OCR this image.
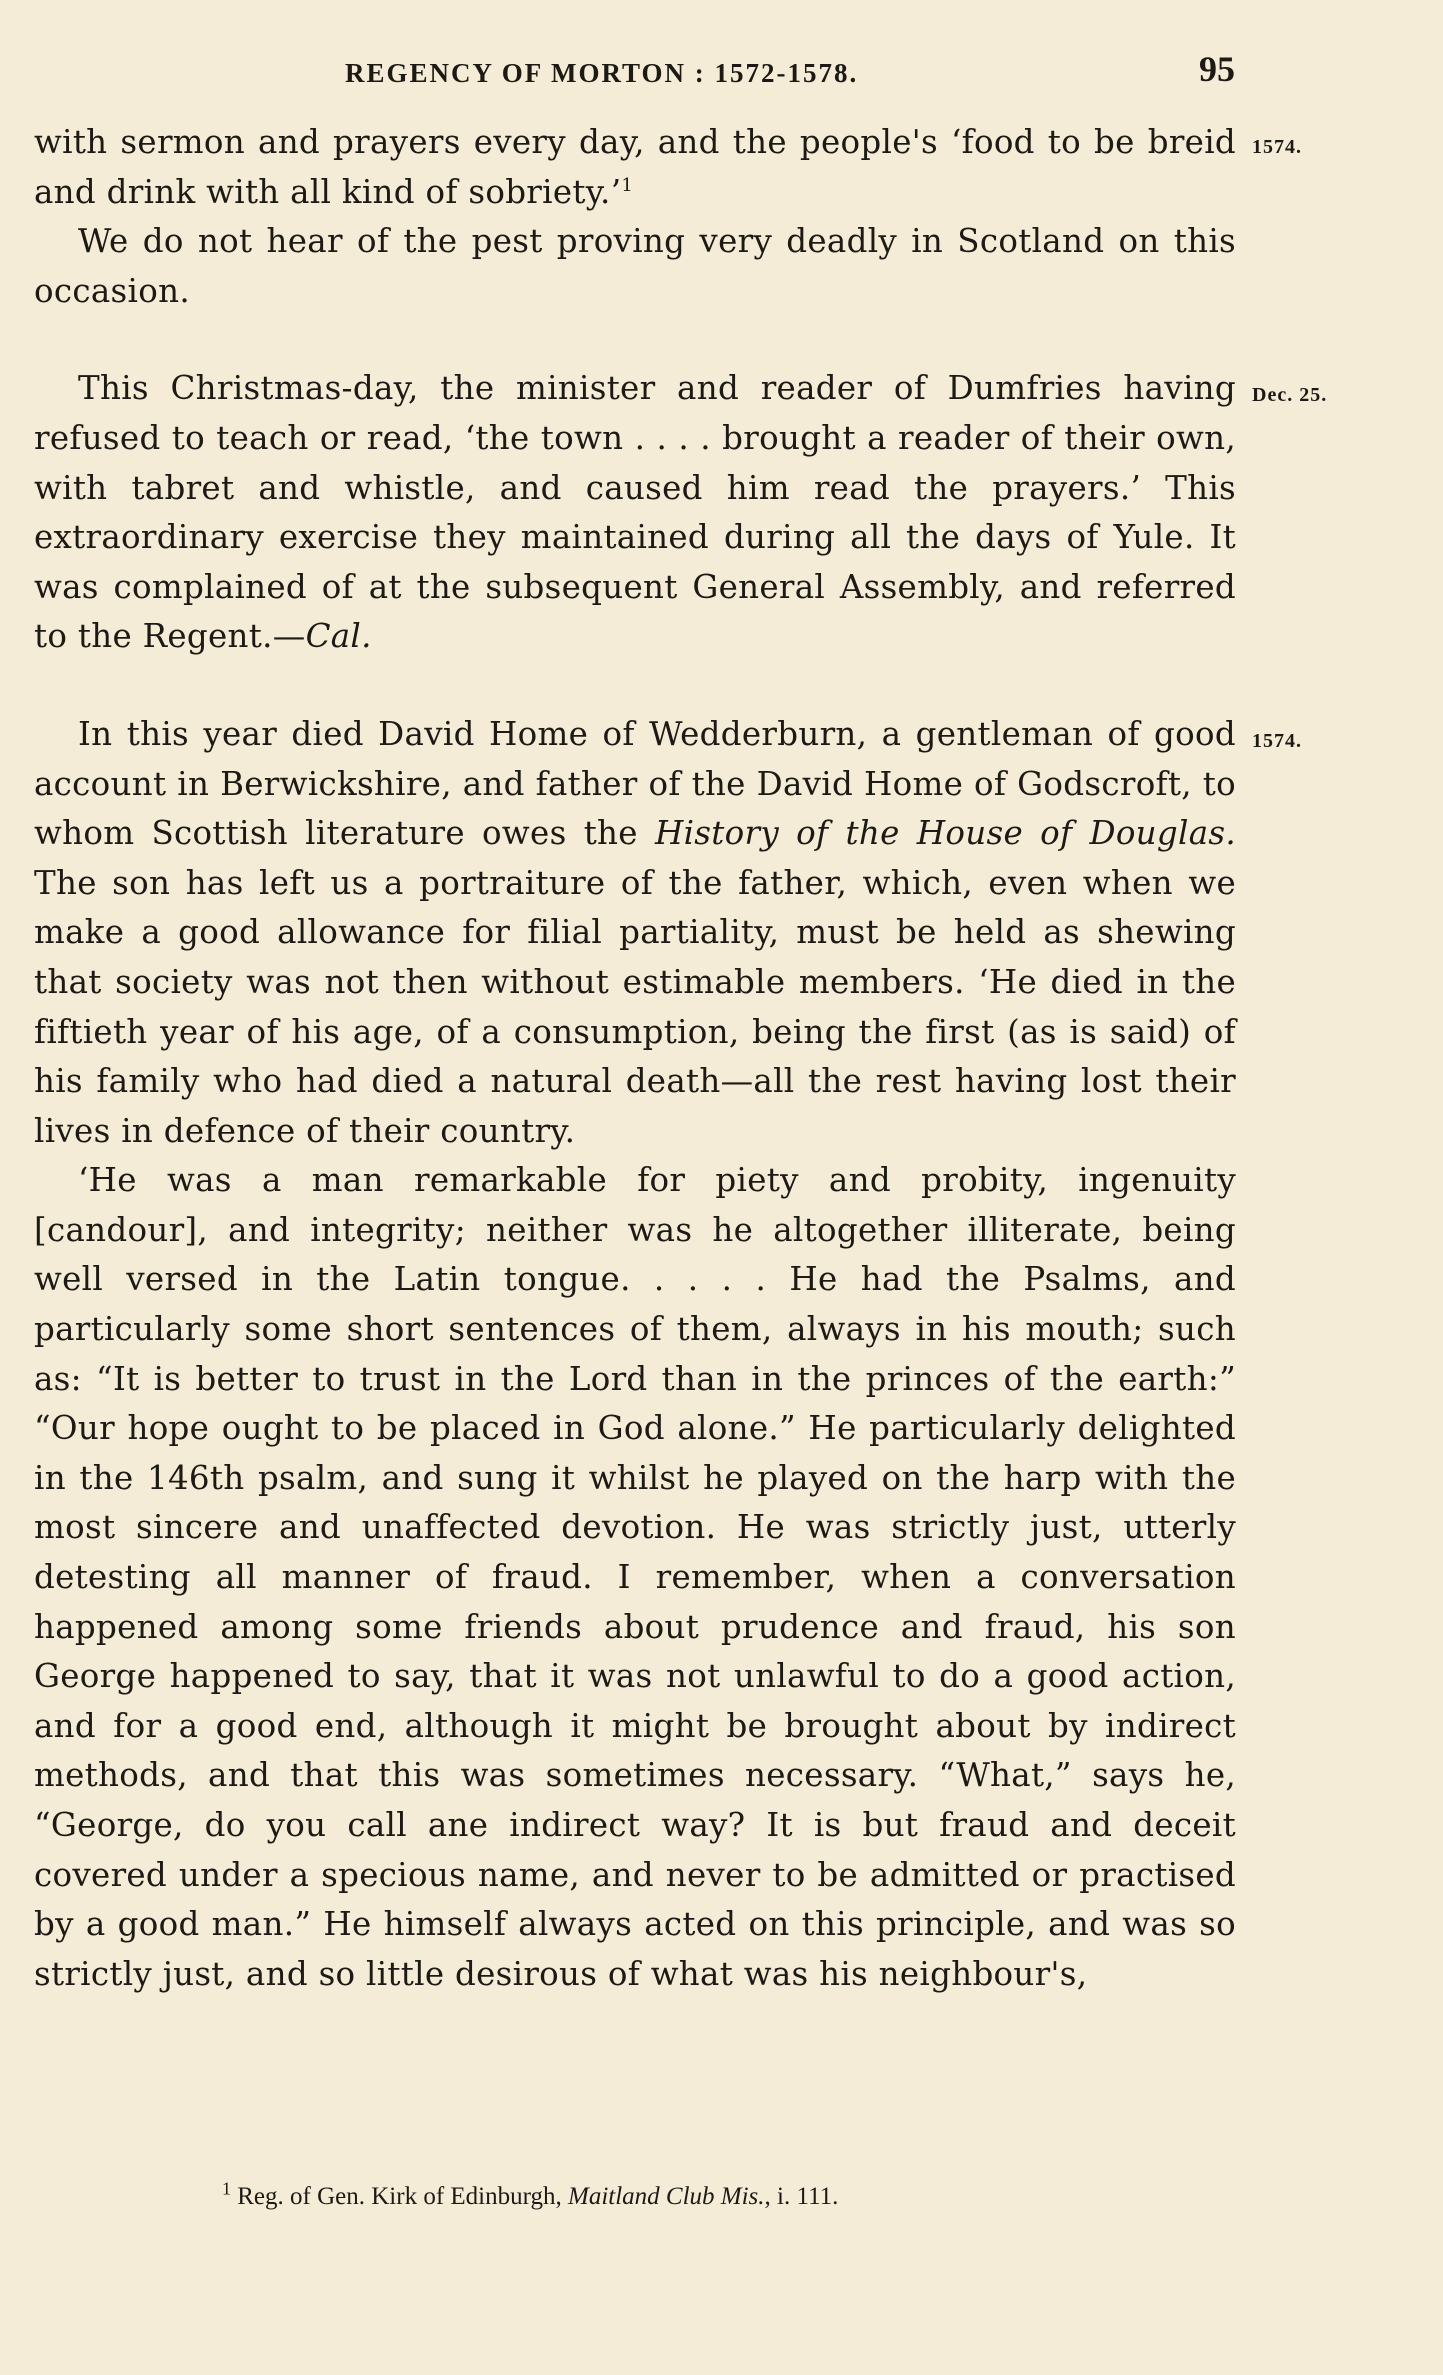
REGENCY OF MORTON : 1572-1578.	95
1574.
Dec. 25.
1574.

with sermon and prayers every day, and the people's ‘food to be breid and drink with all kind of sobriety.’$^1$

We do not hear of the pest proving very deadly in Scotland on this occasion.

This Christmas-day, the minister and reader of Dumfries having refused to teach or read, ‘the town . . . . brought a reader of their own, with tabret and whistle, and caused him read the prayers.’ This extraordinary exercise they maintained during all the days of Yule. It was complained of at the subsequent General Assembly, and referred to the Regent.—Cal.

In this year died David Home of Wedderburn, a gentleman of good account in Berwickshire, and father of the David Home of Godscroft, to whom Scottish literature owes the History of the House of Douglas. The son has left us a portraiture of the father, which, even when we make a good allowance for filial partiality, must be held as shewing that society was not then without estimable members. ‘He died in the fiftieth year of his age, of a consumption, being the first (as is said) of his family who had died a natural death—all the rest having lost their lives in defence of their country.

‘He was a man remarkable for piety and probity, ingenuity [candour], and integrity; neither was he altogether illiterate, being well versed in the Latin tongue. . . . . He had the Psalms, and particularly some short sentences of them, always in his mouth; such as: “It is better to trust in the Lord than in the princes of the earth:” “Our hope ought to be placed in God alone.” He particularly delighted in the 146th psalm, and sung it whilst he played on the harp with the most sincere and unaffected devotion. He was strictly just, utterly detesting all manner of fraud. I remember, when a conversation happened among some friends about prudence and fraud, his son George happened to say, that it was not unlawful to do a good action, and for a good end, although it might be brought about by indirect methods, and that this was sometimes necessary. “What,” says he, “George, do you call ane indirect way? It is but fraud and deceit covered under a specious name, and never to be admitted or practised by a good man.” He himself always acted on this principle, and was so strictly just, and so little desirous of what was his neighbour's,

$^1$ Reg. of Gen. Kirk of Edinburgh, Maitland Club Mis., i. 111.
